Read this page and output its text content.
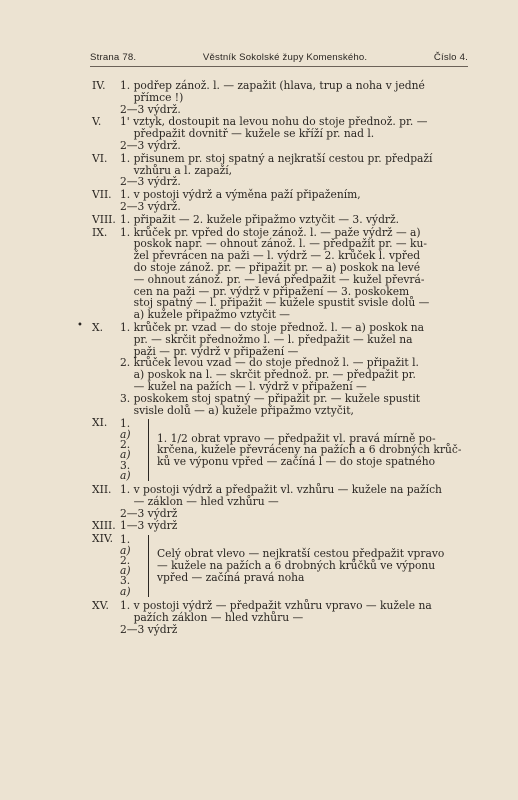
Strana 78.	Věstník Sokolské župy Komenského.	Číslo 4.
•
IV.	1. podřep zánož. l. — zapažit (hlava, trup a noha v jedné
přímce !)
2—3 výdrž.
V.	1' vztyk, dostoupit na levou nohu do stoje přednož. pr. —
předpažit dovnitř — kužele se kříží pr. nad l.
2—3 výdrž.
VI.	1. přisunem pr. stoj spatný a nejkratší cestou pr. předpaží
vzhůru a l. zapaží,
2—3 výdrž.
VII. 1. v postoji výdrž a výměna paží připažením,
2—3 výdrž.
VIII. 1. připažit — 2. kužele připažmo vztyčit — 3. výdrž.
IX.	1. krůček pr. vpřed do stoje zánož. l. — paže výdrž — a)
poskok napr. — ohnout zánož. l. — předpažit pr. — ku-
žel převrácen na paži — l. výdrž — 2. krůček l. vpřed
do stoje zánož. pr. — připažit pr. — a) poskok na levé
— ohnout zánož. pr. — levá předpažit — kužel převrá-
cen na paži — pr. výdrž v připažení — 3. poskokem
stoj spatný — l. připažit — kužele spustit svisle dolů —
a) kužele připažmo vztyčit —
X.	1. krůček pr. vzad — do stoje přednož. l. — a) poskok na
pr. — skrčit přednožmo l. — l. předpažit — kužel na
paži — pr. výdrž v připažení —
2. krůček levou vzad — do stoje přednož l. — připažit l.
a) poskok na l. — skrčit přednož. pr. — předpažit pr.
— kužel na pažích — l. výdrž v připažení —
3. poskokem stoj spatný — připažit pr. — kužele spustit
svisle dolů — a) kužele připažmo vztyčit,
XI.	1.
a)
2.
a)
3.
a)
1. 1/2 obrat vpravo — předpažit vl. pravá mírně po-
krčena, kužele převráceny na pažích a 6 drobných krůč-
ků ve výponu vpřed — začíná l — do stoje spatného
XII. 1. v postoji výdrž a předpažit vl. vzhůru — kužele na pažích
— záklon — hled vzhůru —
2—3 výdrž
XIII. 1—3 výdrž
XIV. 1.
a)
2.
a)
3.
a)
Celý obrat vlevo — nejkratší cestou předpažit vpravo
— kužele na pažích a 6 drobných krůčků ve výponu
vpřed — začíná pravá noha
XV.	1. v postoji výdrž — předpažit vzhůru vpravo — kužele na
pažích záklon — hled vzhůru —
2—3 výdrž
